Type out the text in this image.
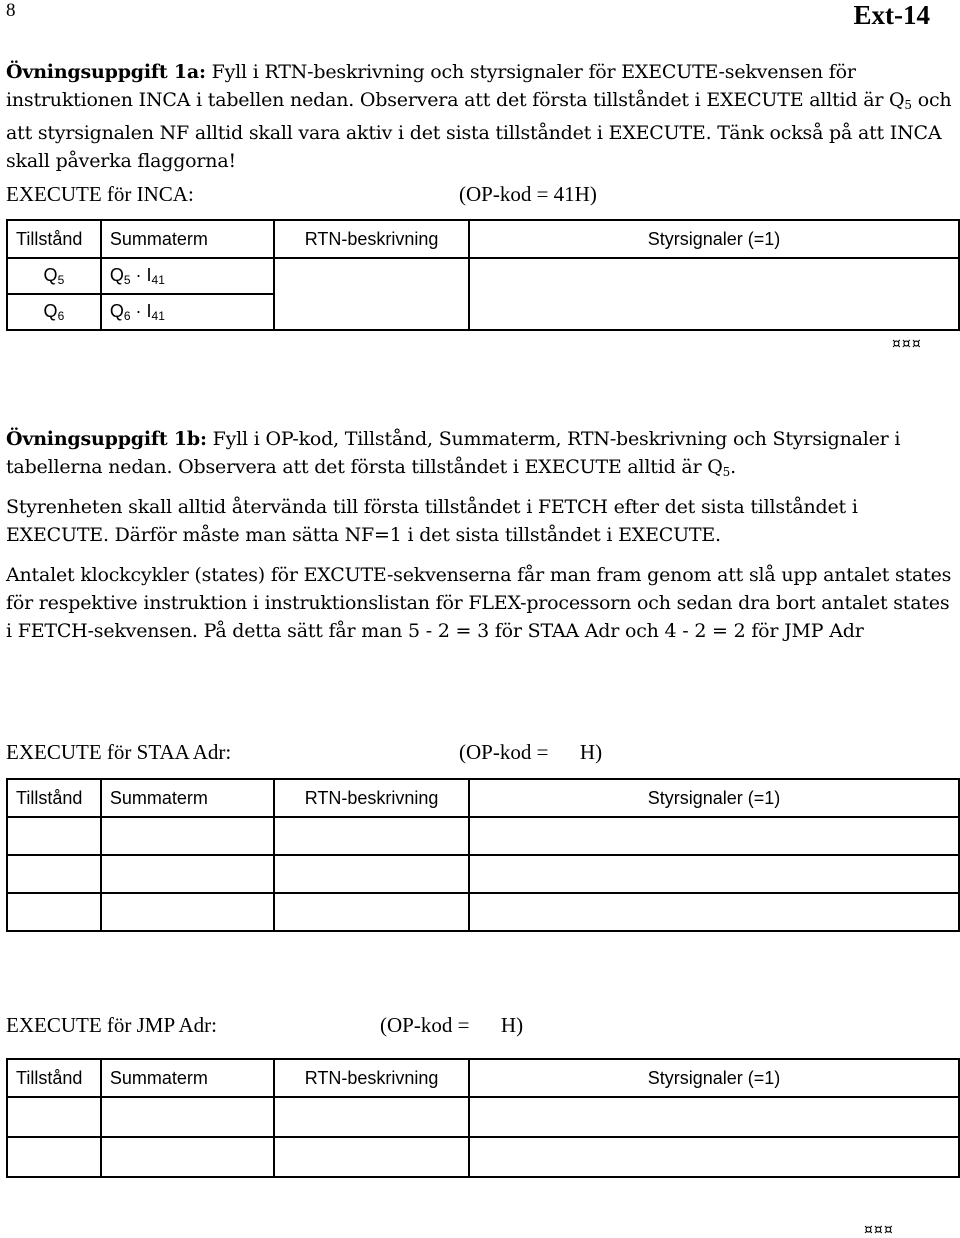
8	Ext-14
Övningsuppgift 1a: Fyll i RTN-beskrivning och styrsignaler för EXECUTE-sekvensen för instruktionen INCA i tabellen nedan. Observera att det första tillståndet i EXECUTE alltid är $Q_5$ och att styrsignalen NF alltid skall vara aktiv i det sista tillståndet i EXECUTE. Tänk också på att INCA skall påverka flaggorna!
EXECUTE för INCA:	(OP-kod = 41H)
Tillstånd	Summaterm	RTN-beskrivning	Styrsignaler (=1)
$Q_5$	$Q_5 \cdot I_{41}$		
$Q_6$	$Q_6 \cdot I_{41}$		
¤¤¤
Övningsuppgift 1b: Fyll i OP-kod, Tillstånd, Summaterm, RTN-beskrivning och Styrsignaler i tabellerna nedan. Observera att det första tillståndet i EXECUTE alltid är $Q_5$.
Styrenheten skall alltid återvända till första tillståndet i FETCH efter det sista tillståndet i EXECUTE. Därför måste man sätta NF=1 i det sista tillståndet i EXECUTE.
Antalet klockcykler (states) för EXCUTE-sekvenserna får man fram genom att slå upp antalet states för respektive instruktion i instruktionslistan för FLEX-processorn och sedan dra bort antalet states i FETCH-sekvensen. På detta sätt får man 5 - 2 = 3 för STAA Adr och 4 - 2 = 2 för JMP Adr
EXECUTE för STAA Adr:	(OP-kod =      H)
Tillstånd	Summaterm	RTN-beskrivning	Styrsignaler (=1)

EXECUTE för JMP Adr:	(OP-kod =      H)
Tillstånd	Summaterm	RTN-beskrivning	Styrsignaler (=1)

¤¤¤
